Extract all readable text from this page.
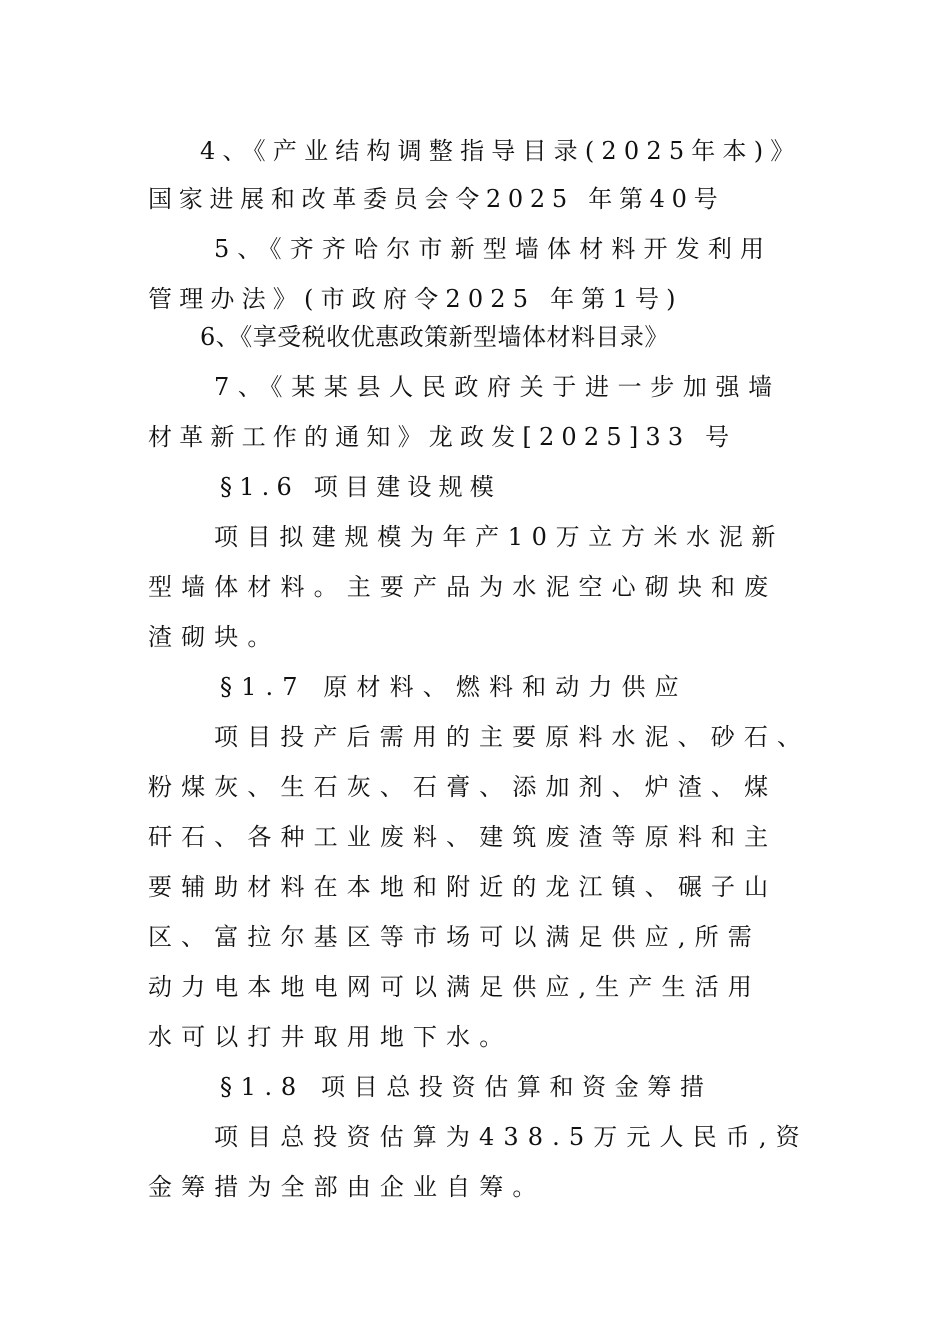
4、《产业结构调整指导目录(2025年本)》
国家进展和改革委员会令2025 年第40号
5、《齐齐哈尔市新型墙体材料开发利用
管理办法》(市政府令2025 年第1号)
6、《享受税收优惠政策新型墙体材料目录》
7、《某某县人民政府关于进一步加强墙
材革新工作的通知》龙政发[2025]33 号
§1.6 项目建设规模
项目拟建规模为年产10万立方米水泥新
型墙体材料。主要产品为水泥空心砌块和废
渣砌块。
§1.7 原材料、燃料和动力供应
项目投产后需用的主要原料水泥、砂石、
粉煤灰、生石灰、石膏、添加剂、炉渣、煤
矸石、各种工业废料、建筑废渣等原料和主
要辅助材料在本地和附近的龙江镇、碾子山
区、富拉尔基区等市场可以满足供应,所需
动力电本地电网可以满足供应,生产生活用
水可以打井取用地下水。
§1.8 项目总投资估算和资金筹措
项目总投资估算为438.5万元人民币,资
金筹措为全部由企业自筹。
